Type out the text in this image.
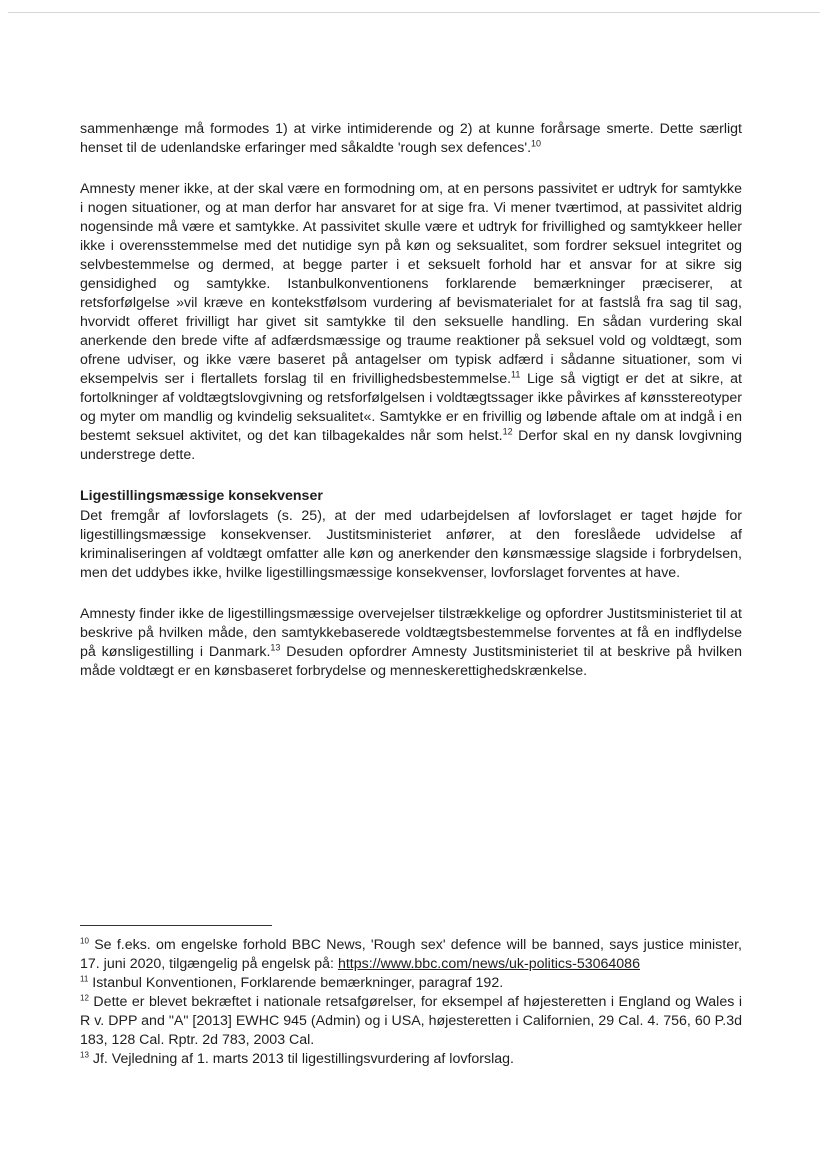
sammenhænge må formodes 1) at virke intimiderende og 2) at kunne forårsage smerte. Dette særligt henset til de udenlandske erfaringer med såkaldte 'rough sex defences'.$^{10}$

Amnesty mener ikke, at der skal være en formodning om, at en persons passivitet er udtryk for samtykke i nogen situationer, og at man derfor har ansvaret for at sige fra. Vi mener tværtimod, at passivitet aldrig nogensinde må være et samtykke. At passivitet skulle være et udtryk for frivillighed og samtykkeer heller ikke i overensstemmelse med det nutidige syn på køn og seksualitet, som fordrer seksuel integritet og selvbestemmelse og dermed, at begge parter i et seksuelt forhold har et ansvar for at sikre sig gensidighed og samtykke. Istanbulkonventionens forklarende bemærkninger præciserer, at retsforfølgelse »vil kræve en kontekstfølsom vurdering af bevismaterialet for at fastslå fra sag til sag, hvorvidt offeret frivilligt har givet sit samtykke til den seksuelle handling. En sådan vurdering skal anerkende den brede vifte af adfærdsmæssige og traume reaktioner på seksuel vold og voldtægt, som ofrene udviser, og ikke være baseret på antagelser om typisk adfærd i sådanne situationer, som vi eksempelvis ser i flertallets forslag til en frivillighedsbestemmelse.$^{11}$ Lige så vigtigt er det at sikre, at fortolkninger af voldtægtslovgivning og retsforfølgelsen i voldtægtssager ikke påvirkes af kønsstereotyper og myter om mandlig og kvindelig seksualitet«. Samtykke er en frivillig og løbende aftale om at indgå i en bestemt seksuel aktivitet, og det kan tilbagekaldes når som helst.$^{12}$ Derfor skal en ny dansk lovgivning understrege dette.

Ligestillingsmæssige konsekvenser

Det fremgår af lovforslagets (s. 25), at der med udarbejdelsen af lovforslaget er taget højde for ligestillingsmæssige konsekvenser. Justitsministeriet anfører, at den foreslåede udvidelse af kriminaliseringen af voldtægt omfatter alle køn og anerkender den kønsmæssige slagside i forbrydelsen, men det uddybes ikke, hvilke ligestillingsmæssige konsekvenser, lovforslaget forventes at have.

Amnesty finder ikke de ligestillingsmæssige overvejelser tilstrækkelige og opfordrer Justitsministeriet til at beskrive på hvilken måde, den samtykkebaserede voldtægtsbestemmelse forventes at få en indflydelse på kønsligestilling i Danmark.$^{13}$ Desuden opfordrer Amnesty Justitsministeriet til at beskrive på hvilken måde voldtægt er en kønsbaseret forbrydelse og menneskerettighedskrænkelse.

$^{10}$ Se f.eks. om engelske forhold BBC News, 'Rough sex' defence will be banned, says justice minister, 17. juni 2020, tilgængelig på engelsk på: https://www.bbc.com/news/uk-politics-53064086

$^{11}$ Istanbul Konventionen, Forklarende bemærkninger, paragraf 192.

$^{12}$ Dette er blevet bekræftet i nationale retsafgørelser, for eksempel af højesteretten i England og Wales i R v. DPP and "A" [2013] EWHC 945 (Admin) og i USA, højesteretten i Californien, 29 Cal. 4. 756, 60 P.3d 183, 128 Cal. Rptr. 2d 783, 2003 Cal.

$^{13}$ Jf. Vejledning af 1. marts 2013 til ligestillingsvurdering af lovforslag.
